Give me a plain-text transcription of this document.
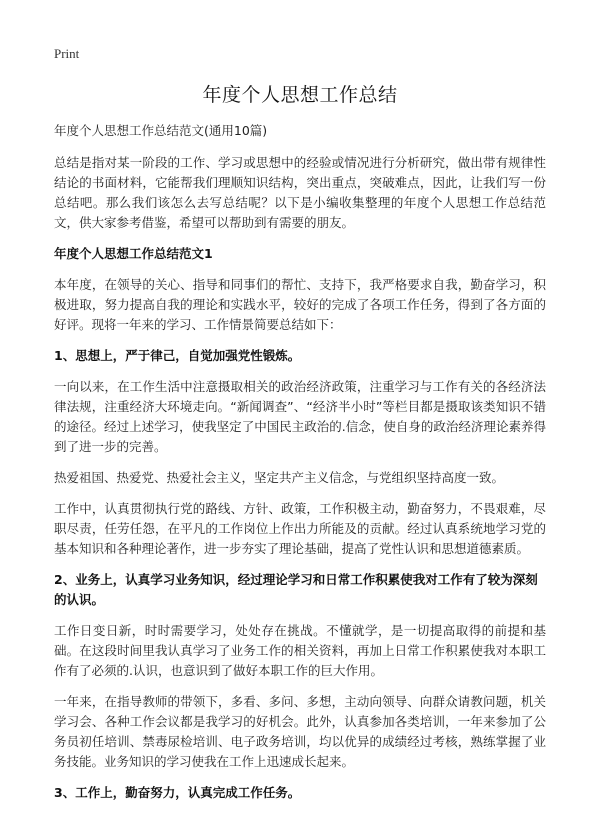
Print
年度个人思想工作总结

年度个人思想工作总结范文(通用10篇)

总结是指对某一阶段的工作、学习或思想中的经验或情况进行分析研究，做出带有规律性结论的书面材料，它能帮我们理顺知识结构，突出重点，突破难点，因此，让我们写一份总结吧。那么我们该怎么去写总结呢？以下是小编收集整理的年度个人思想工作总结范文，供大家参考借鉴，希望可以帮助到有需要的朋友。

年度个人思想工作总结范文1

本年度，在领导的关心、指导和同事们的帮忙、支持下，我严格要求自我，勤奋学习，积极进取，努力提高自我的理论和实践水平，较好的完成了各项工作任务，得到了各方面的好评。现将一年来的学习、工作情景简要总结如下：

1、思想上，严于律己，自觉加强党性锻炼。

一向以来，在工作生活中注意摄取相关的政治经济政策，注重学习与工作有关的各经济法律法规，注重经济大环境走向。“新闻调查”、“经济半小时”等栏目都是摄取该类知识不错的途径。经过上述学习，使我坚定了中国民主政治的.信念，使自身的政治经济理论素养得到了进一步的完善。

热爱祖国、热爱党、热爱社会主义，坚定共产主义信念，与党组织坚持高度一致。

工作中，认真贯彻执行党的路线、方针、政策，工作积极主动，勤奋努力，不畏艰难，尽职尽责，任劳任怨，在平凡的工作岗位上作出力所能及的贡献。经过认真系统地学习党的基本知识和各种理论著作，进一步夯实了理论基础，提高了党性认识和思想道德素质。

2、业务上，认真学习业务知识，经过理论学习和日常工作积累使我对工作有了较为深刻的认识。

工作日变日新，时时需要学习，处处存在挑战。不懂就学，是一切提高取得的前提和基础。在这段时间里我认真学习了业务工作的相关资料，再加上日常工作积累使我对本职工作有了必须的.认识，也意识到了做好本职工作的巨大作用。

一年来，在指导教师的带领下，多看、多问、多想，主动向领导、向群众请教问题，机关学习会、各种工作会议都是我学习的好机会。此外，认真参加各类培训，一年来参加了公务员初任培训、禁毒尿检培训、电子政务培训，均以优异的成绩经过考核，熟练掌握了业务技能。业务知识的学习使我在工作上迅速成长起来。

3、工作上，勤奋努力，认真完成工作任务。
